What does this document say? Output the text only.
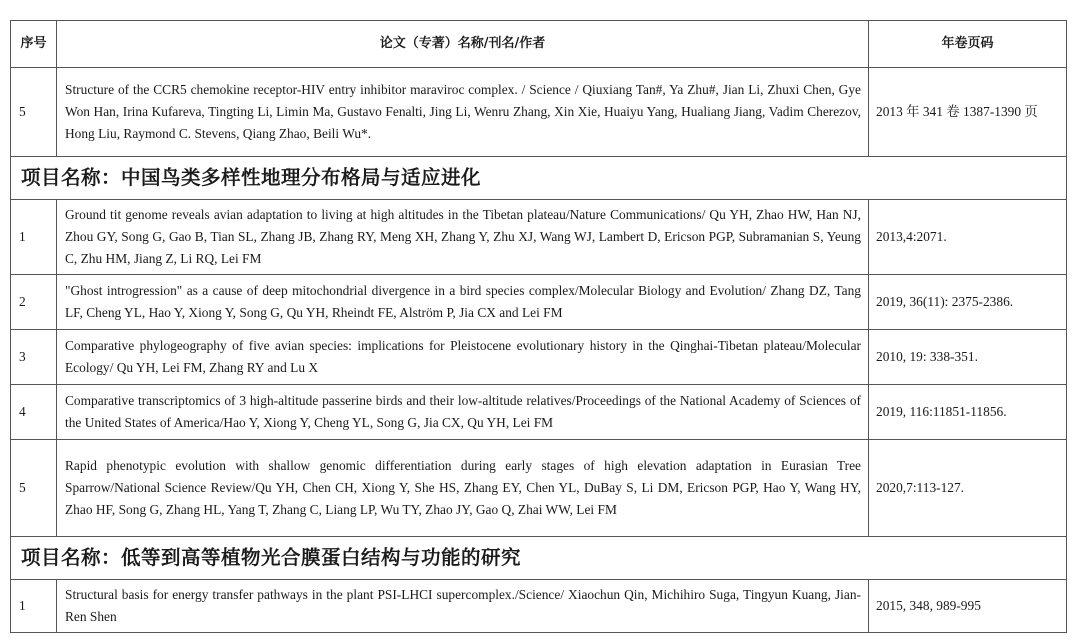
序号	论文（专著）名称/刊名/作者	年卷页码
5	Structure of the CCR5 chemokine receptor-HIV entry inhibitor maraviroc complex. / Science / Qiuxiang Tan#, Ya Zhu#, Jian Li, Zhuxi Chen, Gye Won Han, Irina Kufareva, Tingting Li, Limin Ma, Gustavo Fenalti, Jing Li, Wenru Zhang, Xin Xie, Huaiyu Yang, Hualiang Jiang, Vadim Cherezov, Hong Liu, Raymond C. Stevens, Qiang Zhao, Beili Wu*.	2013 年 341 卷 1387-1390 页
项目名称：中国鸟类多样性地理分布格局与适应进化		
1	Ground tit genome reveals avian adaptation to living at high altitudes in the Tibetan plateau/Nature Communications/ Qu YH, Zhao HW, Han NJ, Zhou GY, Song G, Gao B, Tian SL, Zhang JB, Zhang RY, Meng XH, Zhang Y, Zhu XJ, Wang WJ, Lambert D, Ericson PGP, Subramanian S, Yeung C, Zhu HM, Jiang Z, Li RQ, Lei FM	2013,4:2071.
2	"Ghost introgression" as a cause of deep mitochondrial divergence in a bird species complex/Molecular Biology and Evolution/ Zhang DZ, Tang LF, Cheng YL, Hao Y, Xiong Y, Song G, Qu YH, Rheindt FE, Alström P, Jia CX and Lei FM	2019, 36(11): 2375-2386.
3	Comparative phylogeography of five avian species: implications for Pleistocene evolutionary history in the Qinghai-Tibetan plateau/Molecular Ecology/ Qu YH, Lei FM, Zhang RY and Lu X	2010, 19: 338-351.
4	Comparative transcriptomics of 3 high-altitude passerine birds and their low-altitude relatives/Proceedings of the National Academy of Sciences of the United States of America/Hao Y, Xiong Y, Cheng YL, Song G, Jia CX, Qu YH, Lei FM	2019, 116:11851-11856.
5	Rapid phenotypic evolution with shallow genomic differentiation during early stages of high elevation adaptation in Eurasian Tree Sparrow/National Science Review/Qu YH, Chen CH, Xiong Y, She HS, Zhang EY, Chen YL, DuBay S, Li DM, Ericson PGP, Hao Y, Wang HY, Zhao HF, Song G, Zhang HL, Yang T, Zhang C, Liang LP, Wu TY, Zhao JY, Gao Q, Zhai WW, Lei FM	2020,7:113-127.
项目名称：低等到高等植物光合膜蛋白结构与功能的研究		
1	Structural basis for energy transfer pathways in the plant PSI-LHCI supercomplex./Science/ Xiaochun Qin, Michihiro Suga, Tingyun Kuang, Jian-Ren Shen	2015, 348, 989-995
